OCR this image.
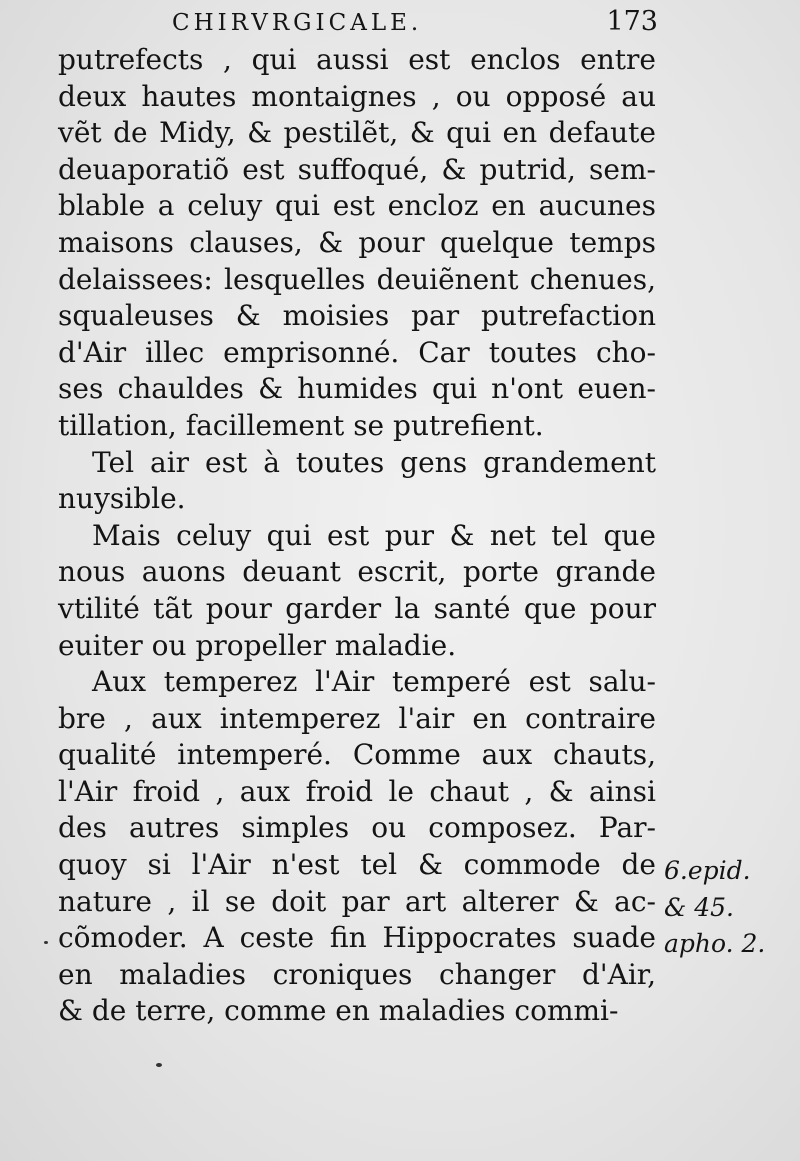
CHIRVRGICALE.	173
putrefects , qui aussi est enclos entre
deux hautes montaignes , ou opposé au
vẽt de Midy, & pestilẽt, & qui en defaute
deuaporatiõ est suffoqué, & putrid, sem-
blable a celuy qui est encloz en aucunes
maisons clauses, & pour quelque temps
delaissees: lesquelles deuiẽnent chenues,
squaleuses & moisies par putrefaction
d'Air illec emprisonné. Car toutes cho-
ses chauldes & humides qui n'ont euen-
tillation, facillement se putrefient.
Tel air est à toutes gens grandement
nuysible.
Mais celuy qui est pur & net tel que
nous auons deuant escrit, porte grande
vtilité tãt pour garder la santé que pour
euiter ou propeller maladie.
Aux temperez l'Air temperé est salu-
bre , aux intemperez l'air en contraire
qualité intemperé. Comme aux chauts,
l'Air froid , aux froid le chaut , & ainsi
des autres simples ou composez. Par-
quoy si l'Air n'est tel & commode de
nature , il se doit par art alterer & ac-
cõmoder. A ceste fin Hippocrates suade
en maladies croniques changer d'Air,
& de terre, comme en maladies commi-
6.epid.
& 45.
apho. 2.
